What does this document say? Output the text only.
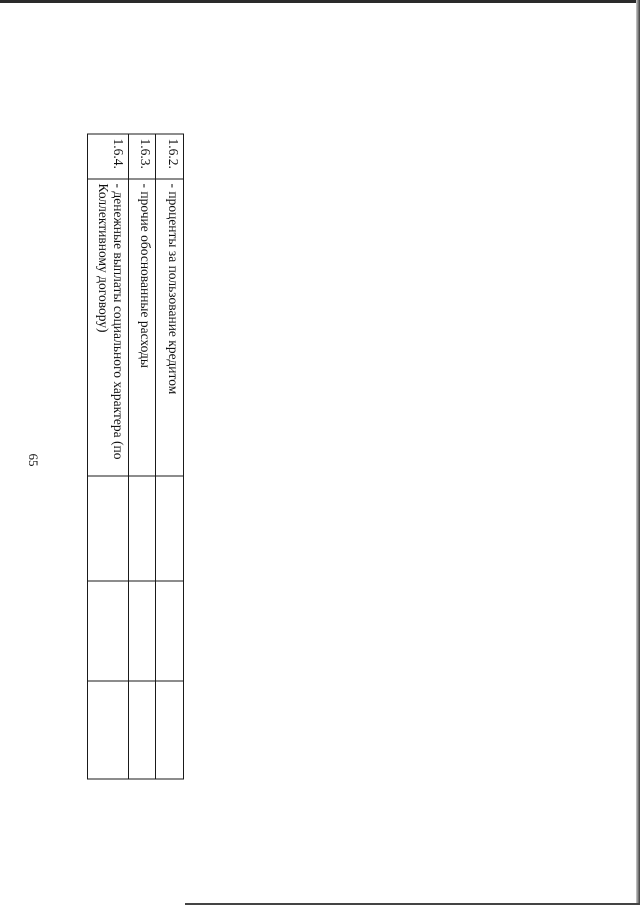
65
1.6.2.	- проценты за пользование кредитом			
1.6.3.	- прочие обоснованные расходы			
1.6.4.	- денежные выплаты социального характера (по Коллективному договору)			
